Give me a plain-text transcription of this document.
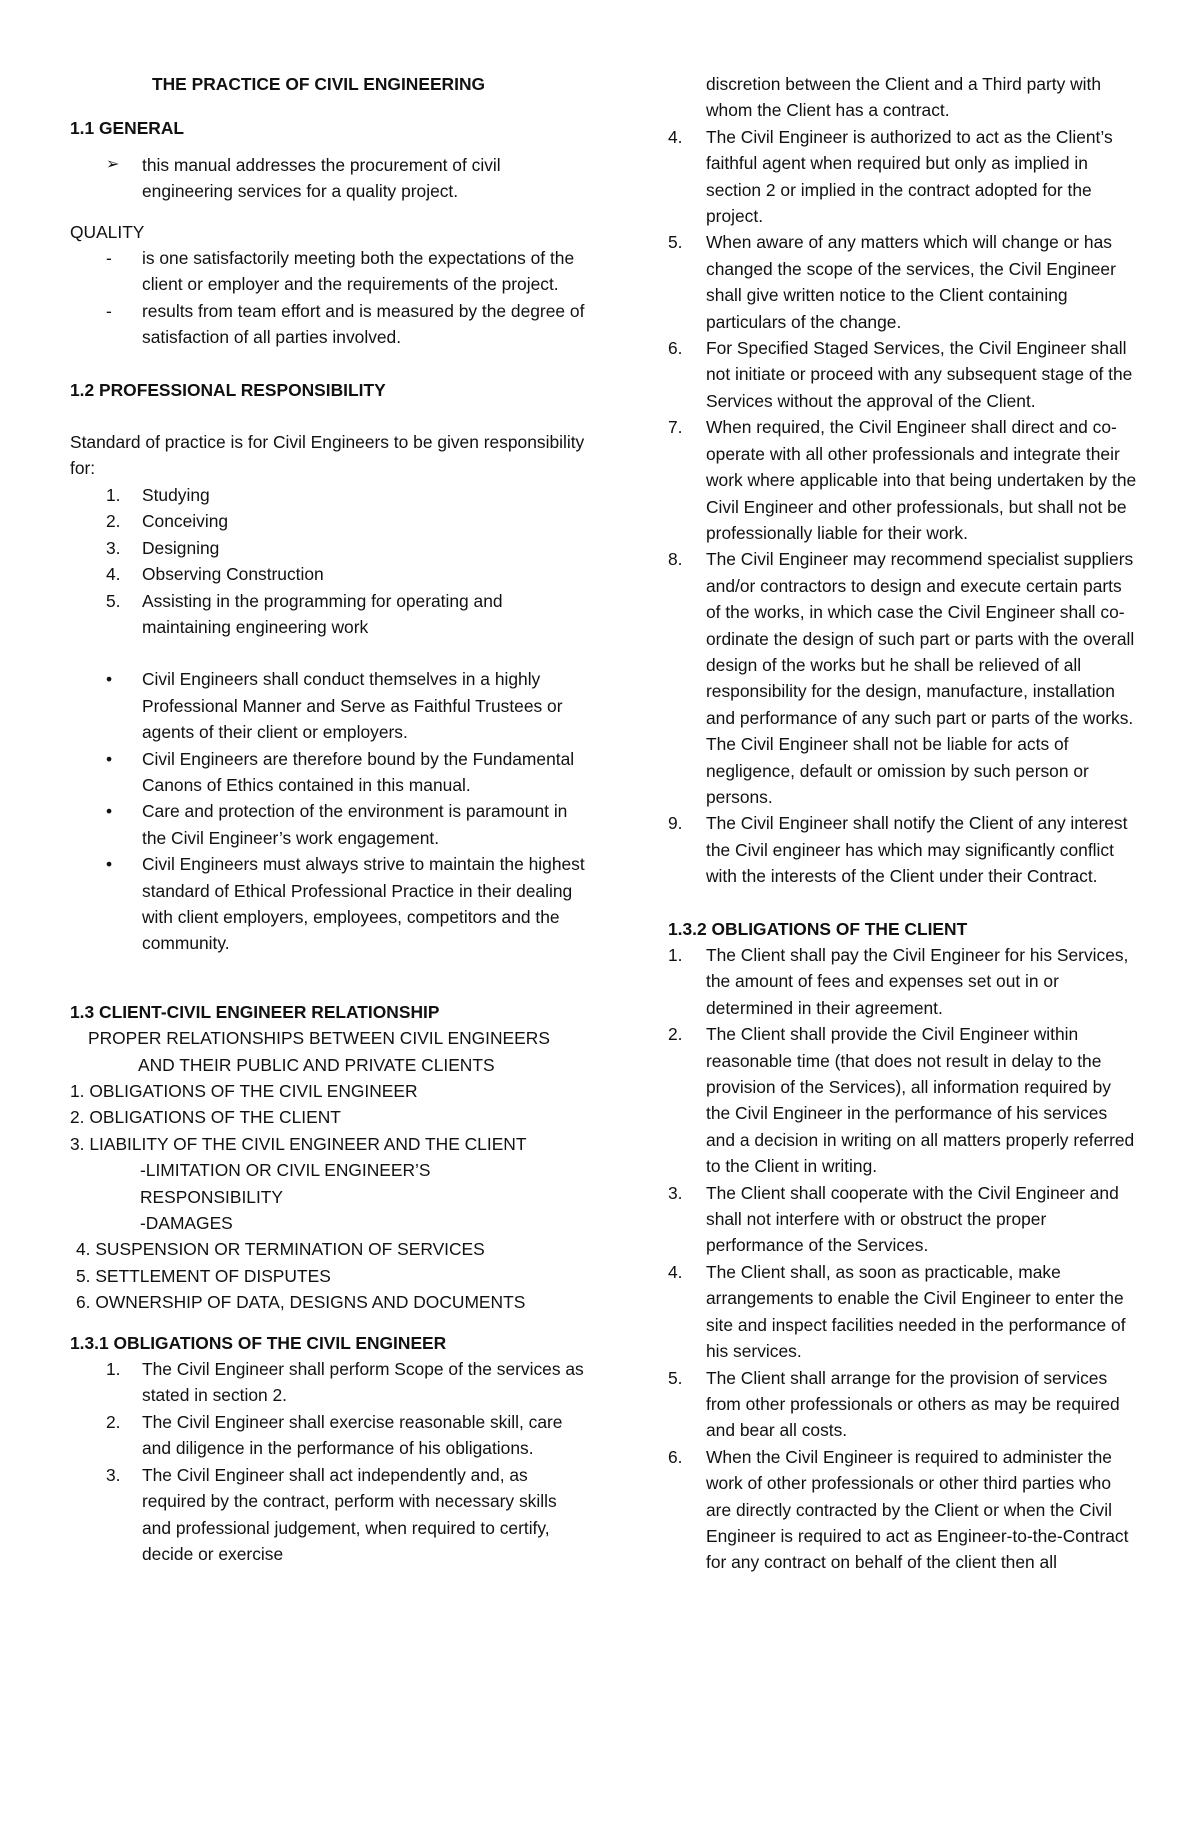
THE PRACTICE OF CIVIL ENGINEERING

1.1 GENERAL

➢ this manual addresses the procurement of civil engineering services for a quality project.

QUALITY

- is one satisfactorily meeting both the expectations of the client or employer and the requirements of the project.
- results from team effort and is measured by the degree of satisfaction of all parties involved.

1.2 PROFESSIONAL RESPONSIBILITY

Standard of practice is for Civil Engineers to be given responsibility for:

1. Studying
2. Conceiving
3. Designing
4. Observing Construction
5. Assisting in the programming for operating and maintaining engineering work
• Civil Engineers shall conduct themselves in a highly Professional Manner and Serve as Faithful Trustees or agents of their client or employers.
• Civil Engineers are therefore bound by the Fundamental Canons of Ethics contained in this manual.
• Care and protection of the environment is paramount in the Civil Engineer’s work engagement.
• Civil Engineers must always strive to maintain the highest standard of Ethical Professional Practice in their dealing with client employers, employees, competitors and the community.

1.3 CLIENT-CIVIL ENGINEER RELATIONSHIP

PROPER RELATIONSHIPS BETWEEN CIVIL ENGINEERS

AND THEIR PUBLIC AND PRIVATE CLIENTS

1. OBLIGATIONS OF THE CIVIL ENGINEER

2. OBLIGATIONS OF THE CLIENT

3. LIABILITY OF THE CIVIL ENGINEER AND THE CLIENT

-LIMITATION OR CIVIL ENGINEER’S

RESPONSIBILITY

-DAMAGES

4. SUSPENSION OR TERMINATION OF SERVICES

5. SETTLEMENT OF DISPUTES

6. OWNERSHIP OF DATA, DESIGNS AND DOCUMENTS

1.3.1 OBLIGATIONS OF THE CIVIL ENGINEER

1. The Civil Engineer shall perform Scope of the services as stated in section 2.
2. The Civil Engineer shall exercise reasonable skill, care and diligence in the performance of his obligations.
3. The Civil Engineer shall act independently and, as required by the contract, perform with necessary skills and professional judgement, when required to certify, decide or exercise
discretion between the Client and a Third party with whom the Client has a contract.
4. The Civil Engineer is authorized to act as the Client’s faithful agent when required but only as implied in section 2 or implied in the contract adopted for the project.
5. When aware of any matters which will change or has changed the scope of the services, the Civil Engineer shall give written notice to the Client containing particulars of the change.
6. For Specified Staged Services, the Civil Engineer shall not initiate or proceed with any subsequent stage of the Services without the approval of the Client.
7. When required, the Civil Engineer shall direct and co-operate with all other professionals and integrate their work where applicable into that being undertaken by the Civil Engineer and other professionals, but shall not be professionally liable for their work.
8. The Civil Engineer may recommend specialist suppliers and/or contractors to design and execute certain parts of the works, in which case the Civil Engineer shall co-ordinate the design of such part or parts with the overall design of the works but he shall be relieved of all responsibility for the design, manufacture, installation and performance of any such part or parts of the works. The Civil Engineer shall not be liable for acts of negligence, default or omission by such person or persons.
9. The Civil Engineer shall notify the Client of any interest the Civil engineer has which may significantly conflict with the interests of the Client under their Contract.

1.3.2 OBLIGATIONS OF THE CLIENT

1. The Client shall pay the Civil Engineer for his Services, the amount of fees and expenses set out in or determined in their agreement.
2. The Client shall provide the Civil Engineer within reasonable time (that does not result in delay to the provision of the Services), all information required by the Civil Engineer in the performance of his services and a decision in writing on all matters properly referred to the Client in writing.
3. The Client shall cooperate with the Civil Engineer and shall not interfere with or obstruct the proper performance of the Services.
4. The Client shall, as soon as practicable, make arrangements to enable the Civil Engineer to enter the site and inspect facilities needed in the performance of his services.
5. The Client shall arrange for the provision of services from other professionals or others as may be required and bear all costs.
6. When the Civil Engineer is required to administer the work of other professionals or other third parties who are directly contracted by the Client or when the Civil Engineer is required to act as Engineer-to-the-Contract for any contract on behalf of the client then all
